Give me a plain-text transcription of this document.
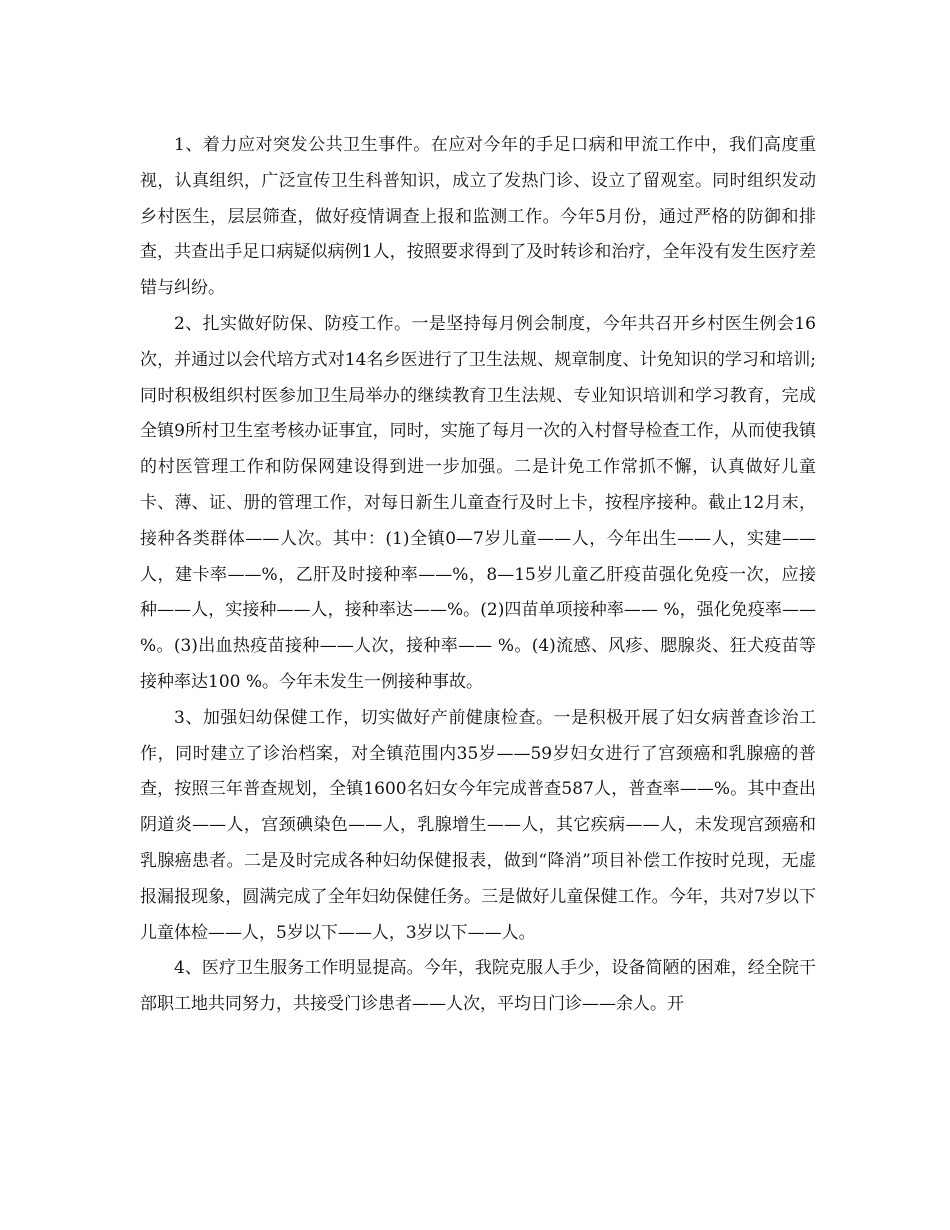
1、着力应对突发公共卫生事件。在应对今年的手足口病和甲流工作中，我们高度重视，认真组织，广泛宣传卫生科普知识，成立了发热门诊、设立了留观室。同时组织发动乡村医生，层层筛查，做好疫情调查上报和监测工作。今年5月份，通过严格的防御和排查，共查出手足口病疑似病例1人，按照要求得到了及时转诊和治疗，全年没有发生医疗差错与纠纷。

2、扎实做好防保、防疫工作。一是坚持每月例会制度，今年共召开乡村医生例会16次，并通过以会代培方式对14名乡医进行了卫生法规、规章制度、计免知识的学习和培训;同时积极组织村医参加卫生局举办的继续教育卫生法规、专业知识培训和学习教育，完成全镇9所村卫生室考核办证事宜，同时，实施了每月一次的入村督导检查工作，从而使我镇的村医管理工作和防保网建设得到进一步加强。二是计免工作常抓不懈，认真做好儿童卡、薄、证、册的管理工作，对每日新生儿童查行及时上卡，按程序接种。截止12月末，接种各类群体——人次。其中：(1)全镇0—7岁儿童——人，今年出生——人，实建——人，建卡率——%，乙肝及时接种率——%，8—15岁儿童乙肝疫苗强化免疫一次，应接种——人，实接种——人，接种率达——%。(2)四苗单项接种率—— %，强化免疫率——%。(3)出血热疫苗接种——人次，接种率—— %。(4)流感、风疹、腮腺炎、狂犬疫苗等接种率达100 %。今年未发生一例接种事故。

3、加强妇幼保健工作，切实做好产前健康检查。一是积极开展了妇女病普查诊治工作，同时建立了诊治档案，对全镇范围内35岁——59岁妇女进行了宫颈癌和乳腺癌的普查，按照三年普查规划，全镇1600名妇女今年完成普查587人，普查率——%。其中查出阴道炎——人，宫颈碘染色——人，乳腺增生——人，其它疾病——人，未发现宫颈癌和乳腺癌患者。二是及时完成各种妇幼保健报表，做到“降消”项目补偿工作按时兑现，无虚报漏报现象，圆满完成了全年妇幼保健任务。三是做好儿童保健工作。今年，共对7岁以下儿童体检——人，5岁以下——人，3岁以下——人。

4、医疗卫生服务工作明显提高。今年，我院克服人手少，设备简陋的困难，经全院干部职工地共同努力，共接受门诊患者——人次，平均日门诊——余人。开
